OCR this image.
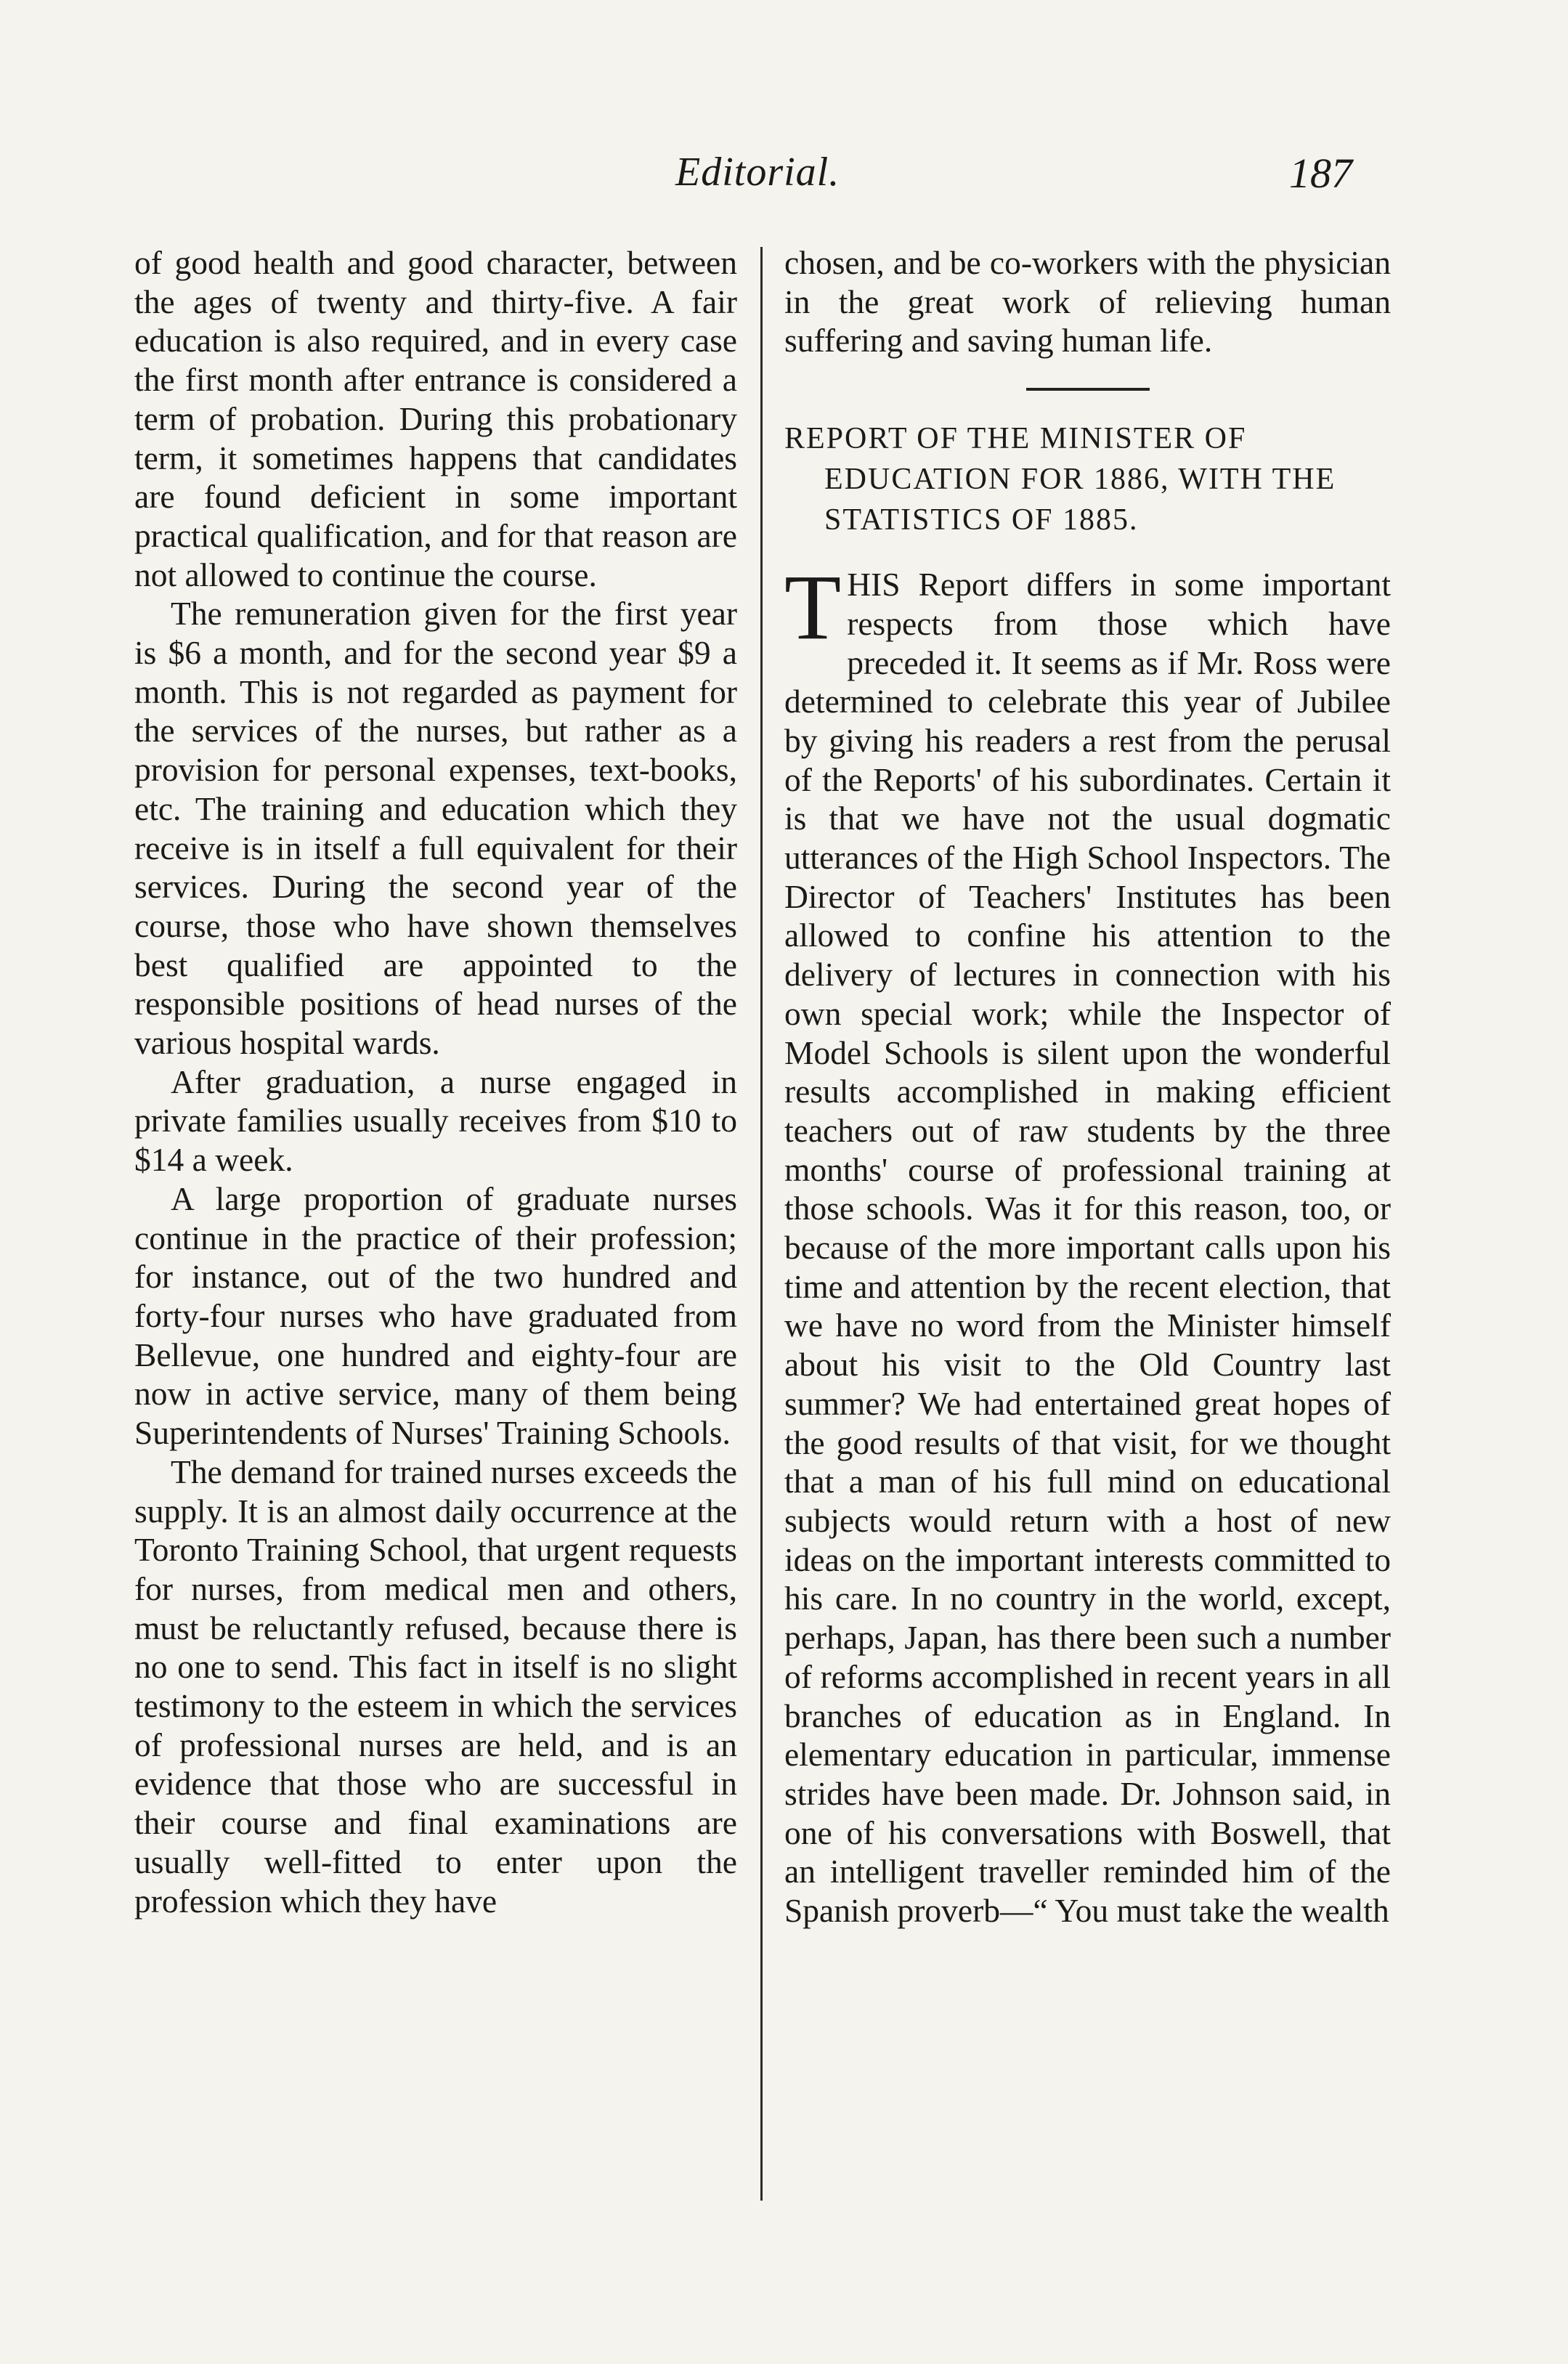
Editorial.	187

of good health and good character, between the ages of twenty and thirty-five. A fair education is also required, and in every case the first month after entrance is considered a term of probation. During this probationary term, it sometimes happens that candidates are found deficient in some important practical qualification, and for that reason are not allowed to continue the course.

The remuneration given for the first year is $6 a month, and for the second year $9 a month. This is not regarded as payment for the services of the nurses, but rather as a provision for personal expenses, text-books, etc. The training and education which they receive is in itself a full equivalent for their services. During the second year of the course, those who have shown themselves best qualified are appointed to the responsible positions of head nurses of the various hospital wards.

After graduation, a nurse engaged in private families usually receives from $10 to $14 a week.

A large proportion of graduate nurses continue in the practice of their profession; for instance, out of the two hundred and forty-four nurses who have graduated from Bellevue, one hundred and eighty-four are now in active service, many of them being Superintendents of Nurses' Training Schools.

The demand for trained nurses exceeds the supply. It is an almost daily occurrence at the Toronto Training School, that urgent requests for nurses, from medical men and others, must be reluctantly refused, because there is no one to send. This fact in itself is no slight testimony to the esteem in which the services of professional nurses are held, and is an evidence that those who are successful in their course and final examinations are usually well-fitted to enter upon the profession which they have

chosen, and be co-workers with the physician in the great work of relieving human suffering and saving human life.

REPORT OF THE MINISTER OF EDUCATION FOR 1886, WITH THE STATISTICS OF 1885.

THIS Report differs in some important respects from those which have preceded it. It seems as if Mr. Ross were determined to celebrate this year of Jubilee by giving his readers a rest from the perusal of the Reports' of his subordinates. Certain it is that we have not the usual dogmatic utterances of the High School Inspectors. The Director of Teachers' Institutes has been allowed to confine his attention to the delivery of lectures in connection with his own special work; while the Inspector of Model Schools is silent upon the wonderful results accomplished in making efficient teachers out of raw students by the three months' course of professional training at those schools. Was it for this reason, too, or because of the more important calls upon his time and attention by the recent election, that we have no word from the Minister himself about his visit to the Old Country last summer? We had entertained great hopes of the good results of that visit, for we thought that a man of his full mind on educational subjects would return with a host of new ideas on the important interests committed to his care. In no country in the world, except, perhaps, Japan, has there been such a number of reforms accomplished in recent years in all branches of education as in England. In elementary education in particular, immense strides have been made. Dr. Johnson said, in one of his conversations with Boswell, that an intelligent traveller reminded him of the Spanish proverb—“ You must take the wealth
